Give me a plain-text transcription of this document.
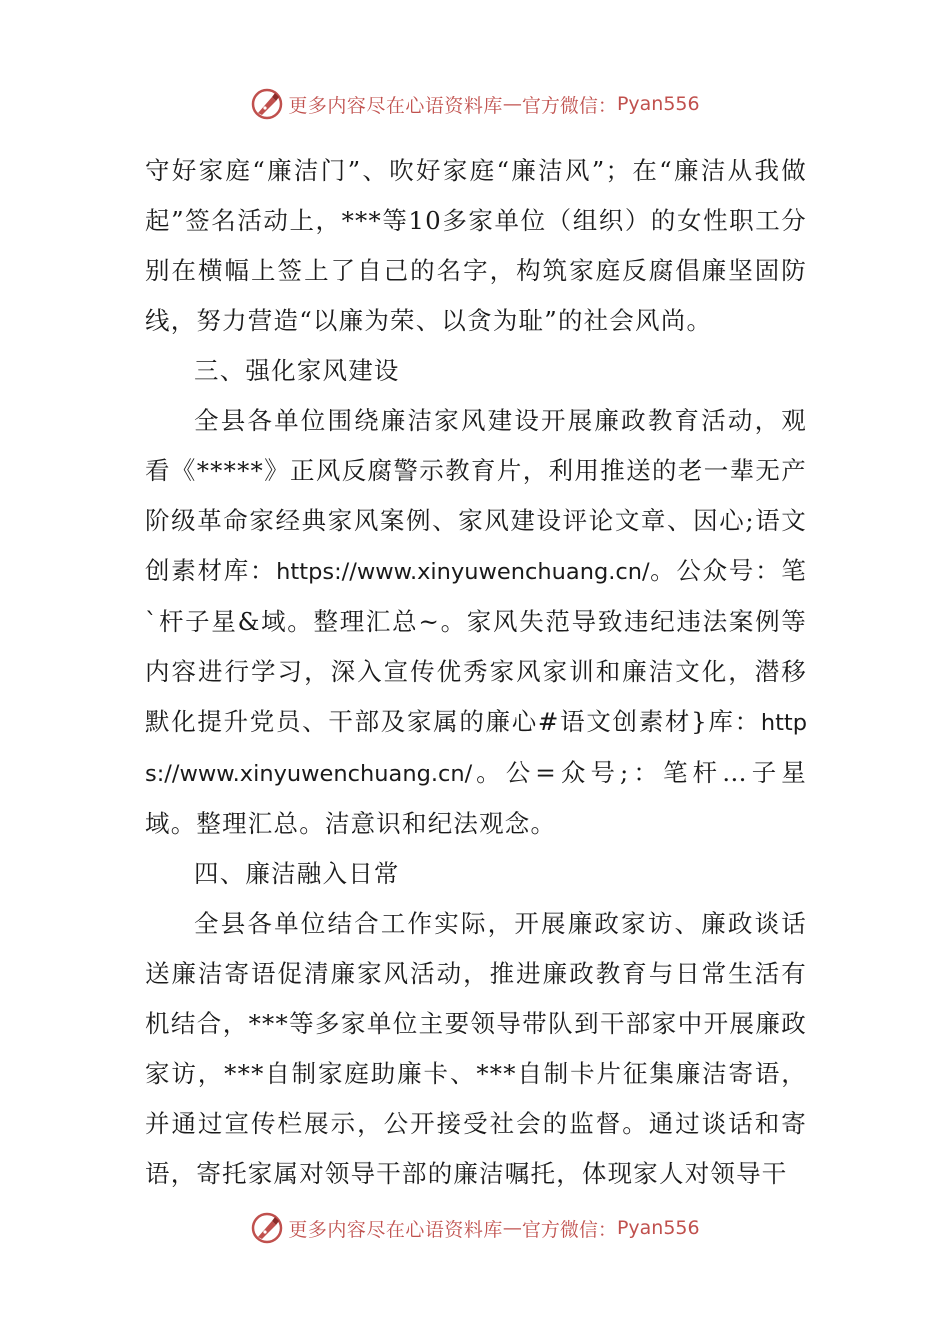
更多内容尽在心语资料库 — 官方微信： Pyan556

守好家庭“廉洁门”、吹好家庭“廉洁风”；在“廉洁从我做起”签名活动上，***等10多家单位（组织）的女性职工分别在横幅上签上了自己的名字，构筑家庭反腐倡廉坚固防线，努力营造“以廉为荣、以贪为耻”的社会风尚。

三、强化家风建设

全县各单位围绕廉洁家风建设开展廉政教育活动，观看《*****》正风反腐警示教育片，利用推送的老一辈无产阶级革命家经典家风案例、家风建设评论文章、因心;语文创素材库：https://www.xinyuwenchuang.cn/。公众号：笔`杆子星&域。整理汇总~。家风失范导致违纪违法案例等内容进行学习，深入宣传优秀家风家训和廉洁文化，潜移默化提升党员、干部及家属的廉心#语文创素材}库：https://www.xinyuwenchuang.cn/。公=众号;：笔杆…子星域。整理汇总。洁意识和纪法观念。

四、廉洁融入日常

全县各单位结合工作实际，开展廉政家访、廉政谈话送廉洁寄语促清廉家风活动，推进廉政教育与日常生活有机结合，***等多家单位主要领导带队到干部家中开展廉政家访，***自制家庭助廉卡、***自制卡片征集廉洁寄语，并通过宣传栏展示，公开接受社会的监督。通过谈话和寄语，寄托家属对领导干部的廉洁嘱托，体现家人对领导干

更多内容尽在心语资料库 — 官方微信： Pyan556
